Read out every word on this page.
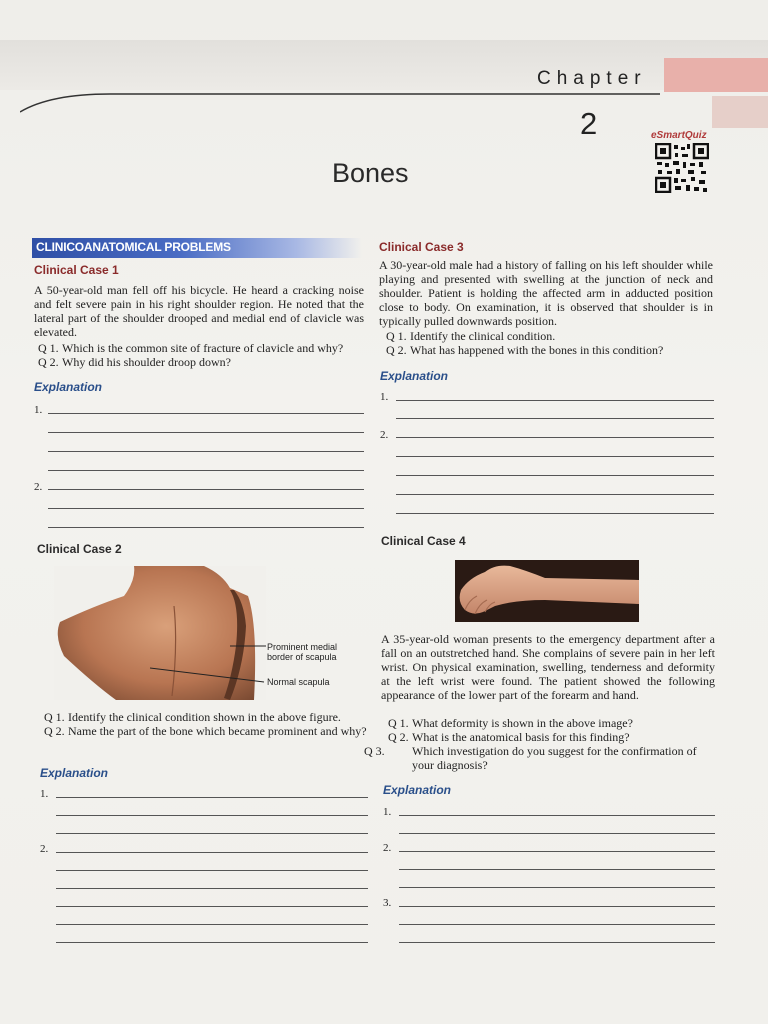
Chapter
2	eSmartQuiz
Bones
CLINICOANATOMICAL PROBLEMS
Clinical Case 1
A 50-year-old man fell off his bicycle. He heard a cracking noise and felt severe pain in his right shoulder region. He noted that the lateral part of the shoulder drooped and medial end of clavicle was elevated.
Q 1. Which is the common site of fracture of clavicle and why?
Q 2. Why did his shoulder droop down?
Explanation
1.
2.
Clinical Case 2
Prominent medial border of scapula
Normal scapula
Q 1. Identify the clinical condition shown in the above figure.
Q 2. Name the part of the bone which became prominent and why?
Explanation
1.
2.
Clinical Case 3
A 30-year-old male had a history of falling on his left shoulder while playing and presented with swelling at the junction of neck and shoulder. Patient is holding the affected arm in adducted position close to body. On examination, it is observed that shoulder is in typically pulled downwards position.
Q 1. Identify the clinical condition.
Q 2. What has happened with the bones in this condition?
Explanation
1.
2.
Clinical Case 4
A 35-year-old woman presents to the emergency department after a fall on an outstretched hand. She complains of severe pain in her left wrist. On physical examination, swelling, tenderness and deformity at the left wrist were found. The patient showed the following appearance of the lower part of the forearm and hand.
Q 1. What deformity is shown in the above image?
Q 2. What is the anatomical basis for this finding?
Q 3. Which investigation do you suggest for the confirmation of your diagnosis?
Explanation
1.
2.
3.
